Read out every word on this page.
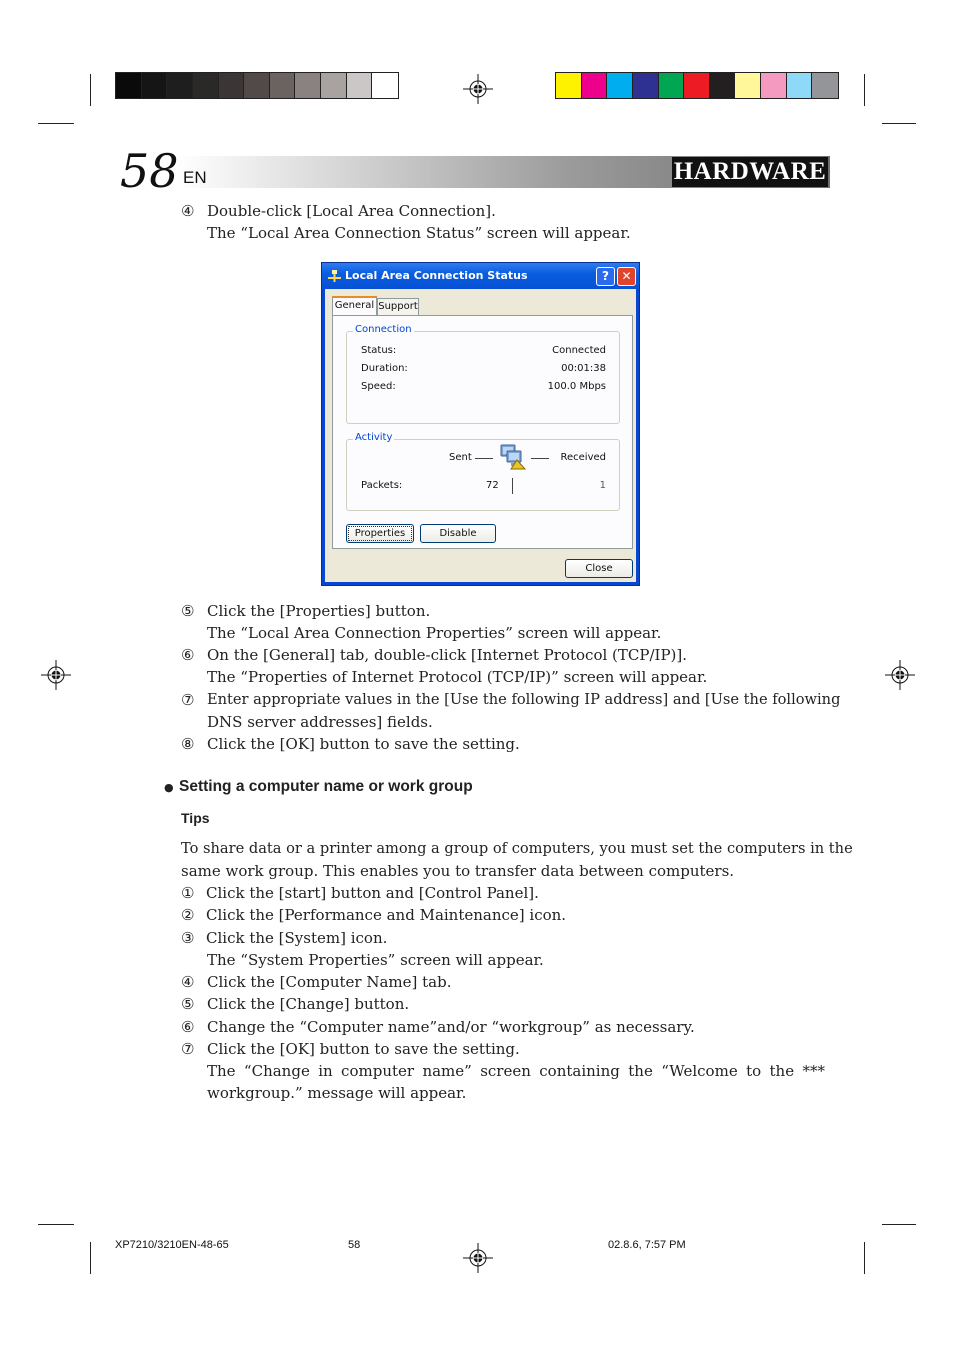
58 EN	HARDWARE
④ Double-click [Local Area Connection].
The “Local Area Connection Status” screen will appear.
Local Area Connection Status	?	✕
General Support
Connection
Status:	Connected
Duration:	00:01:38
Speed:	100.0 Mbps
Activity
Sent	Received
Packets:	72	1
Properties	Disable
Close
⑤ Click the [Properties] button.
The “Local Area Connection Properties” screen will appear.
⑥ On the [General] tab, double-click [Internet Protocol (TCP/IP)].
The “Properties of Internet Protocol (TCP/IP)” screen will appear.
⑦ Enter appropriate values in the [Use the following IP address] and [Use the following
DNS server addresses] fields.
⑧ Click the [OK] button to save the setting.
● Setting a computer name or work group
Tips
To share data or a printer among a group of computers, you must set the computers in the
same work group. This enables you to transfer data between computers.
① Click the [start] button and [Control Panel].
② Click the [Performance and Maintenance] icon.
③ Click the [System] icon.
The “System Properties” screen will appear.
④ Click the [Computer Name] tab.
⑤ Click the [Change] button.
⑥ Change the “Computer name”and/or “workgroup” as necessary.
⑦ Click the [OK] button to save the setting.
The “Change in computer name” screen containing the “Welcome to the ***
workgroup.” message will appear.
XP7210/3210EN-48-65	58	02.8.6, 7:57 PM
